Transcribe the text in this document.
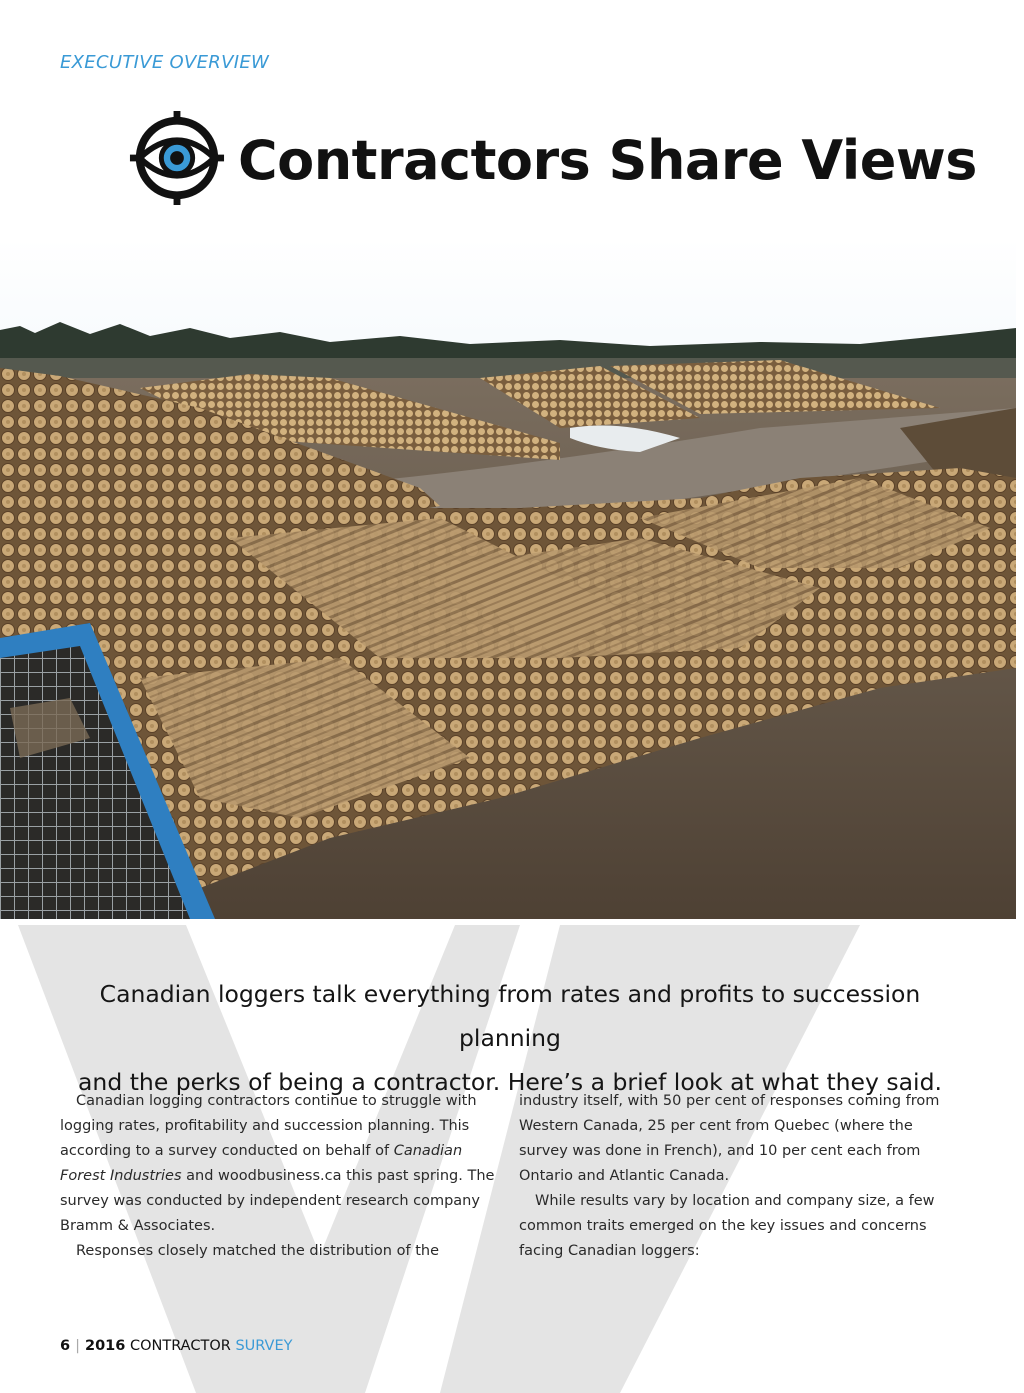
EXECUTIVE OVERVIEW
Contractors Share Views
Canadian loggers talk everything from rates and profits to succession planning
and the perks of being a contractor. Here’s a brief look at what they said.

Canadian logging contractors continue to struggle with logging rates, profitability and succession planning. This according to a survey conducted on behalf of Canadian Forest Industries and woodbusiness.ca this past spring. The survey was conducted by independent research company Bramm & Associates.

Responses closely matched the distribution of the

industry itself, with 50 per cent of responses coming from Western Canada, 25 per cent from Quebec (where the survey was done in French), and 10 per cent each from Ontario and Atlantic Canada.

While results vary by location and company size, a few common traits emerged on the key issues and concerns facing Canadian loggers:

6 | 2016 CONTRACTOR SURVEY
